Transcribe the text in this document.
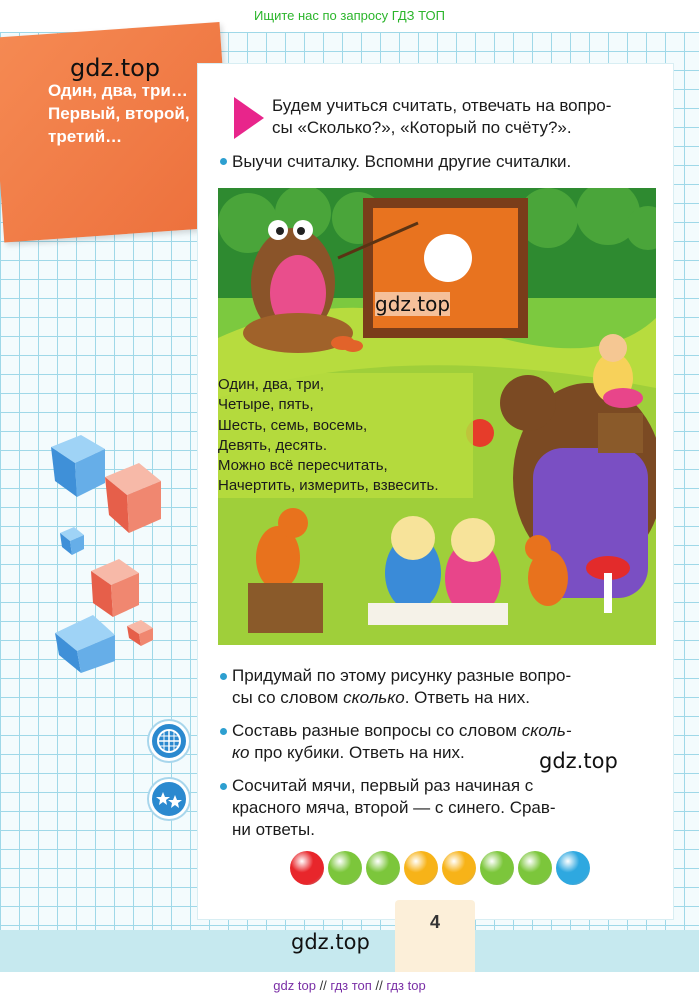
Ищите нас по запросу ГДЗ ТОП
Один, два, три…
Первый, второй,
третий…
gdz.top
Будем учиться считать, отвечать на вопро-
сы «Сколько?», «Который по счёту?».
Выучи считалку. Вспомни другие считалки.
gdz.top
Один, два, три,
Четыре, пять,
Шесть, семь, восемь,
Девять, десять.
Можно всё пересчитать,
Начертить, измерить, взвесить.
Придумай по этому рисунку разные вопро-
сы со словом сколько. Ответь на них.
Составь разные вопросы со словом сколь-
ко про кубики. Ответь на них.	gdz.top
Сосчитай мячи, первый раз начиная с
красного мяча, второй — с синего. Срав-
ни ответы.
4
gdz.top
gdz top // гдз топ // гдз top
